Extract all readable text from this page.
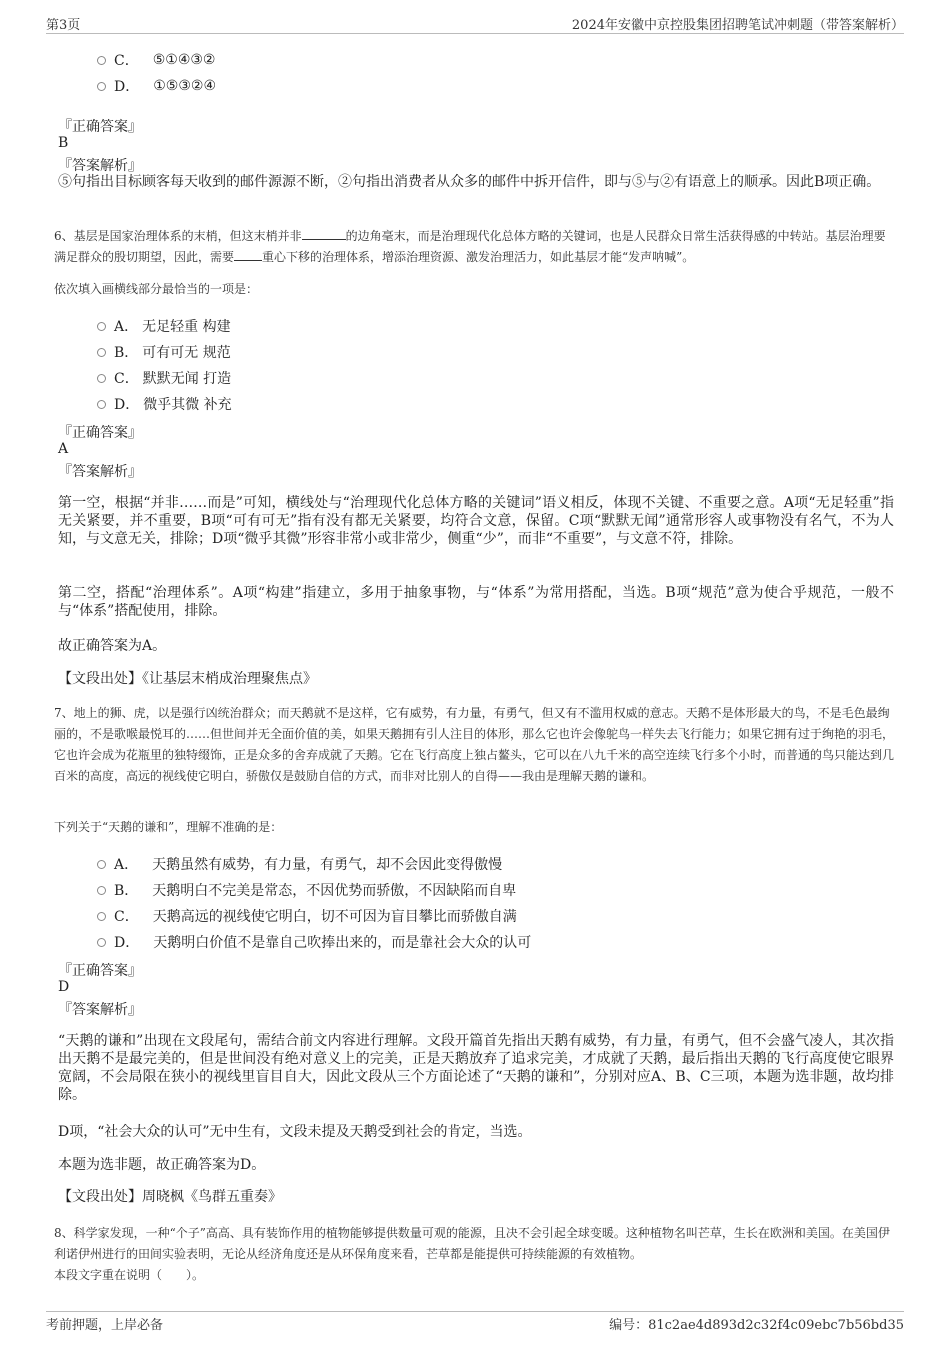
第3页	2024年安徽中京控股集团招聘笔试冲刺题（带答案解析）
C． ⑤①④③②
D． ①⑤③②④
『正确答案』
B
『答案解析』
⑤句指出目标顾客每天收到的邮件源源不断，②句指出消费者从众多的邮件中拆开信件，即与⑤与②有语意上的顺承。因此B项正确。
6、基层是国家治理体系的末梢，但这末梢并非	的边角毫末，而是治理现代化总体方略的关键词，也是人民群众日常生活获得感的中转站。基层治理要满足群众的殷切期望，因此，需要 重心下移的治理体系，增添治理资源、激发治理活力，如此基层才能“发声呐喊”。
依次填入画横线部分最恰当的一项是：
A． 无足轻重 构建
B． 可有可无 规范
C． 默默无闻 打造
D． 微乎其微 补充
『正确答案』
A
『答案解析』
第一空，根据“并非……而是”可知，横线处与“治理现代化总体方略的关键词”语义相反，体现不关键、不重要之意。A项“无足轻重”指无关紧要，并不重要，B项“可有可无”指有没有都无关紧要，均符合文意，保留。C项“默默无闻”通常形容人或事物没有名气，不为人知，与文意无关，排除；D项“微乎其微”形容非常小或非常少，侧重“少”，而非“不重要”，与文意不符，排除。
第二空，搭配“治理体系”。A项“构建”指建立，多用于抽象事物，与“体系”为常用搭配，当选。B项“规范”意为使合乎规范，一般不与“体系”搭配使用，排除。
故正确答案为A。
【文段出处】《让基层末梢成治理聚焦点》
7、地上的狮、虎，以是强行凶统治群众；而天鹅就不是这样，它有威势，有力量，有勇气，但又有不滥用权威的意志。天鹅不是体形最大的鸟，不是毛色最绚丽的，不是歌喉最悦耳的……但世间并无全面价值的美，如果天鹅拥有引人注目的体形，那么它也许会像鸵鸟一样失去飞行能力；如果它拥有过于绚艳的羽毛，它也许会成为花瓶里的独特缀饰，正是众多的舍弃成就了天鹅。它在飞行高度上独占鳌头，它可以在八九千米的高空连续飞行多个小时，而普通的鸟只能达到几百米的高度，高远的视线使它明白，骄傲仅是鼓励自信的方式，而非对比别人的自得——我由是理解天鹅的谦和。
下列关于“天鹅的谦和”，理解不准确的是：
A． 天鹅虽然有威势，有力量，有勇气，却不会因此变得傲慢
B． 天鹅明白不完美是常态，不因优势而骄傲，不因缺陷而自卑
C． 天鹅高远的视线使它明白，切不可因为盲目攀比而骄傲自满
D． 天鹅明白价值不是靠自己吹捧出来的，而是靠社会大众的认可
『正确答案』
D
『答案解析』
“天鹅的谦和”出现在文段尾句，需结合前文内容进行理解。文段开篇首先指出天鹅有威势，有力量，有勇气，但不会盛气凌人，其次指出天鹅不是最完美的，但是世间没有绝对意义上的完美，正是天鹅放弃了追求完美，才成就了天鹅，最后指出天鹅的飞行高度使它眼界宽阔，不会局限在狭小的视线里盲目自大，因此文段从三个方面论述了“天鹅的谦和”，分别对应A、B、C三项，本题为选非题，故均排除。
D项，“社会大众的认可”无中生有，文段未提及天鹅受到社会的肯定，当选。
本题为选非题，故正确答案为D。
【文段出处】周晓枫《鸟群五重奏》
8、科学家发现，一种“个子”高高、具有装饰作用的植物能够提供数量可观的能源，且决不会引起全球变暖。这种植物名叫芒草，生长在欧洲和美国。在美国伊利诺伊州进行的田间实验表明，无论从经济角度还是从环保角度来看，芒草都是能提供可持续能源的有效植物。
本段文字重在说明（　　）。
考前押题，上岸必备	编号：81c2ae4d893d2c32f4c09ebc7b56bd35
